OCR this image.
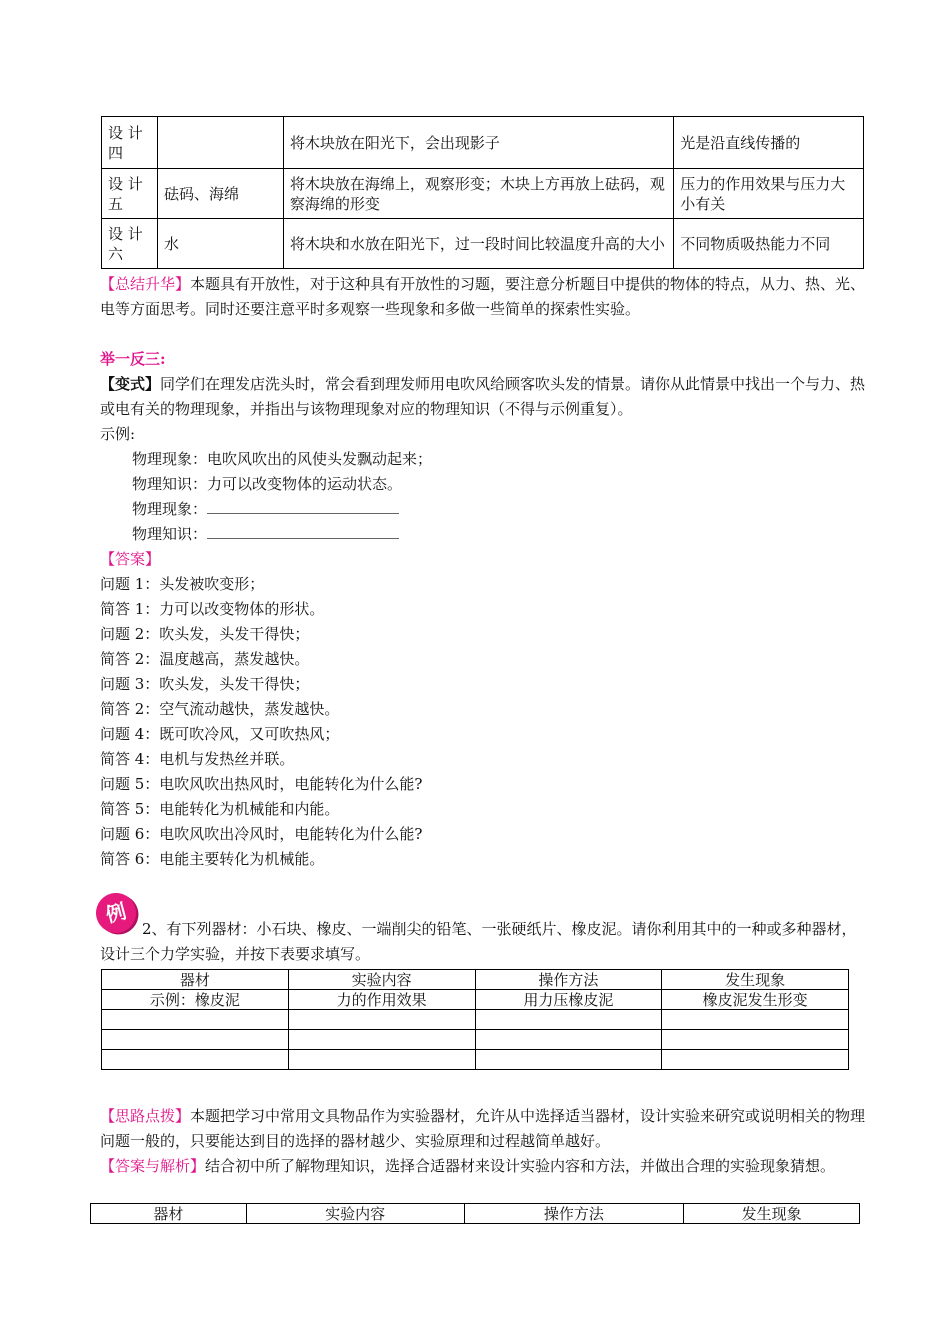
设 计四		将木块放在阳光下，会出现影子	光是沿直线传播的
设 计五	砝码、海绵	将木块放在海绵上，观察形变；木块上方再放上砝码，观察海绵的形变	压力的作用效果与压力大小有关
设 计六	水	将木块和水放在阳光下，过一段时间比较温度升高的大小	不同物质吸热能力不同
【总结升华】本题具有开放性，对于这种具有开放性的习题，要注意分析题目中提供的物体的特点，从力、热、光、电等方面思考。同时还要注意平时多观察一些现象和多做一些简单的探索性实验。
举一反三:
【变式】同学们在理发店洗头时，常会看到理发师用电吹风给顾客吹头发的情景。请你从此情景中找出一个与力、热或电有关的物理现象，并指出与该物理现象对应的物理知识（不得与示例重复）。
示例:
物理现象：电吹风吹出的风使头发飘动起来；
物理知识：力可以改变物体的运动状态。
物理现象：
物理知识：
【答案】
问题 1：头发被吹变形；
简答 1：力可以改变物体的形状。
问题 2：吹头发，头发干得快；
简答 2：温度越高，蒸发越快。
问题 3：吹头发，头发干得快；
简答 2：空气流动越快，蒸发越快。
问题 4：既可吹冷风，又可吹热风；
简答 4：电机与发热丝并联。
问题 5：电吹风吹出热风时，电能转化为什么能?
简答 5：电能转化为机械能和内能。
问题 6：电吹风吹出冷风时，电能转化为什么能?
简答 6：电能主要转化为机械能。
例
2、有下列器材：小石块、橡皮、一端削尖的铅笔、一张硬纸片、橡皮泥。请你利用其中的一种或多种器材，设计三个力学实验，并按下表要求填写。
器材	实验内容	操作方法	发生现象
示例：橡皮泥	力的作用效果	用力压橡皮泥	橡皮泥发生形变

【思路点拨】本题把学习中常用文具物品作为实验器材，允许从中选择适当器材，设计实验来研究或说明相关的物理问题一般的，只要能达到目的选择的器材越少、实验原理和过程越简单越好。
【答案与解析】结合初中所了解物理知识，选择合适器材来设计实验内容和方法，并做出合理的实验现象猜想。
器材	实验内容	操作方法	发生现象
